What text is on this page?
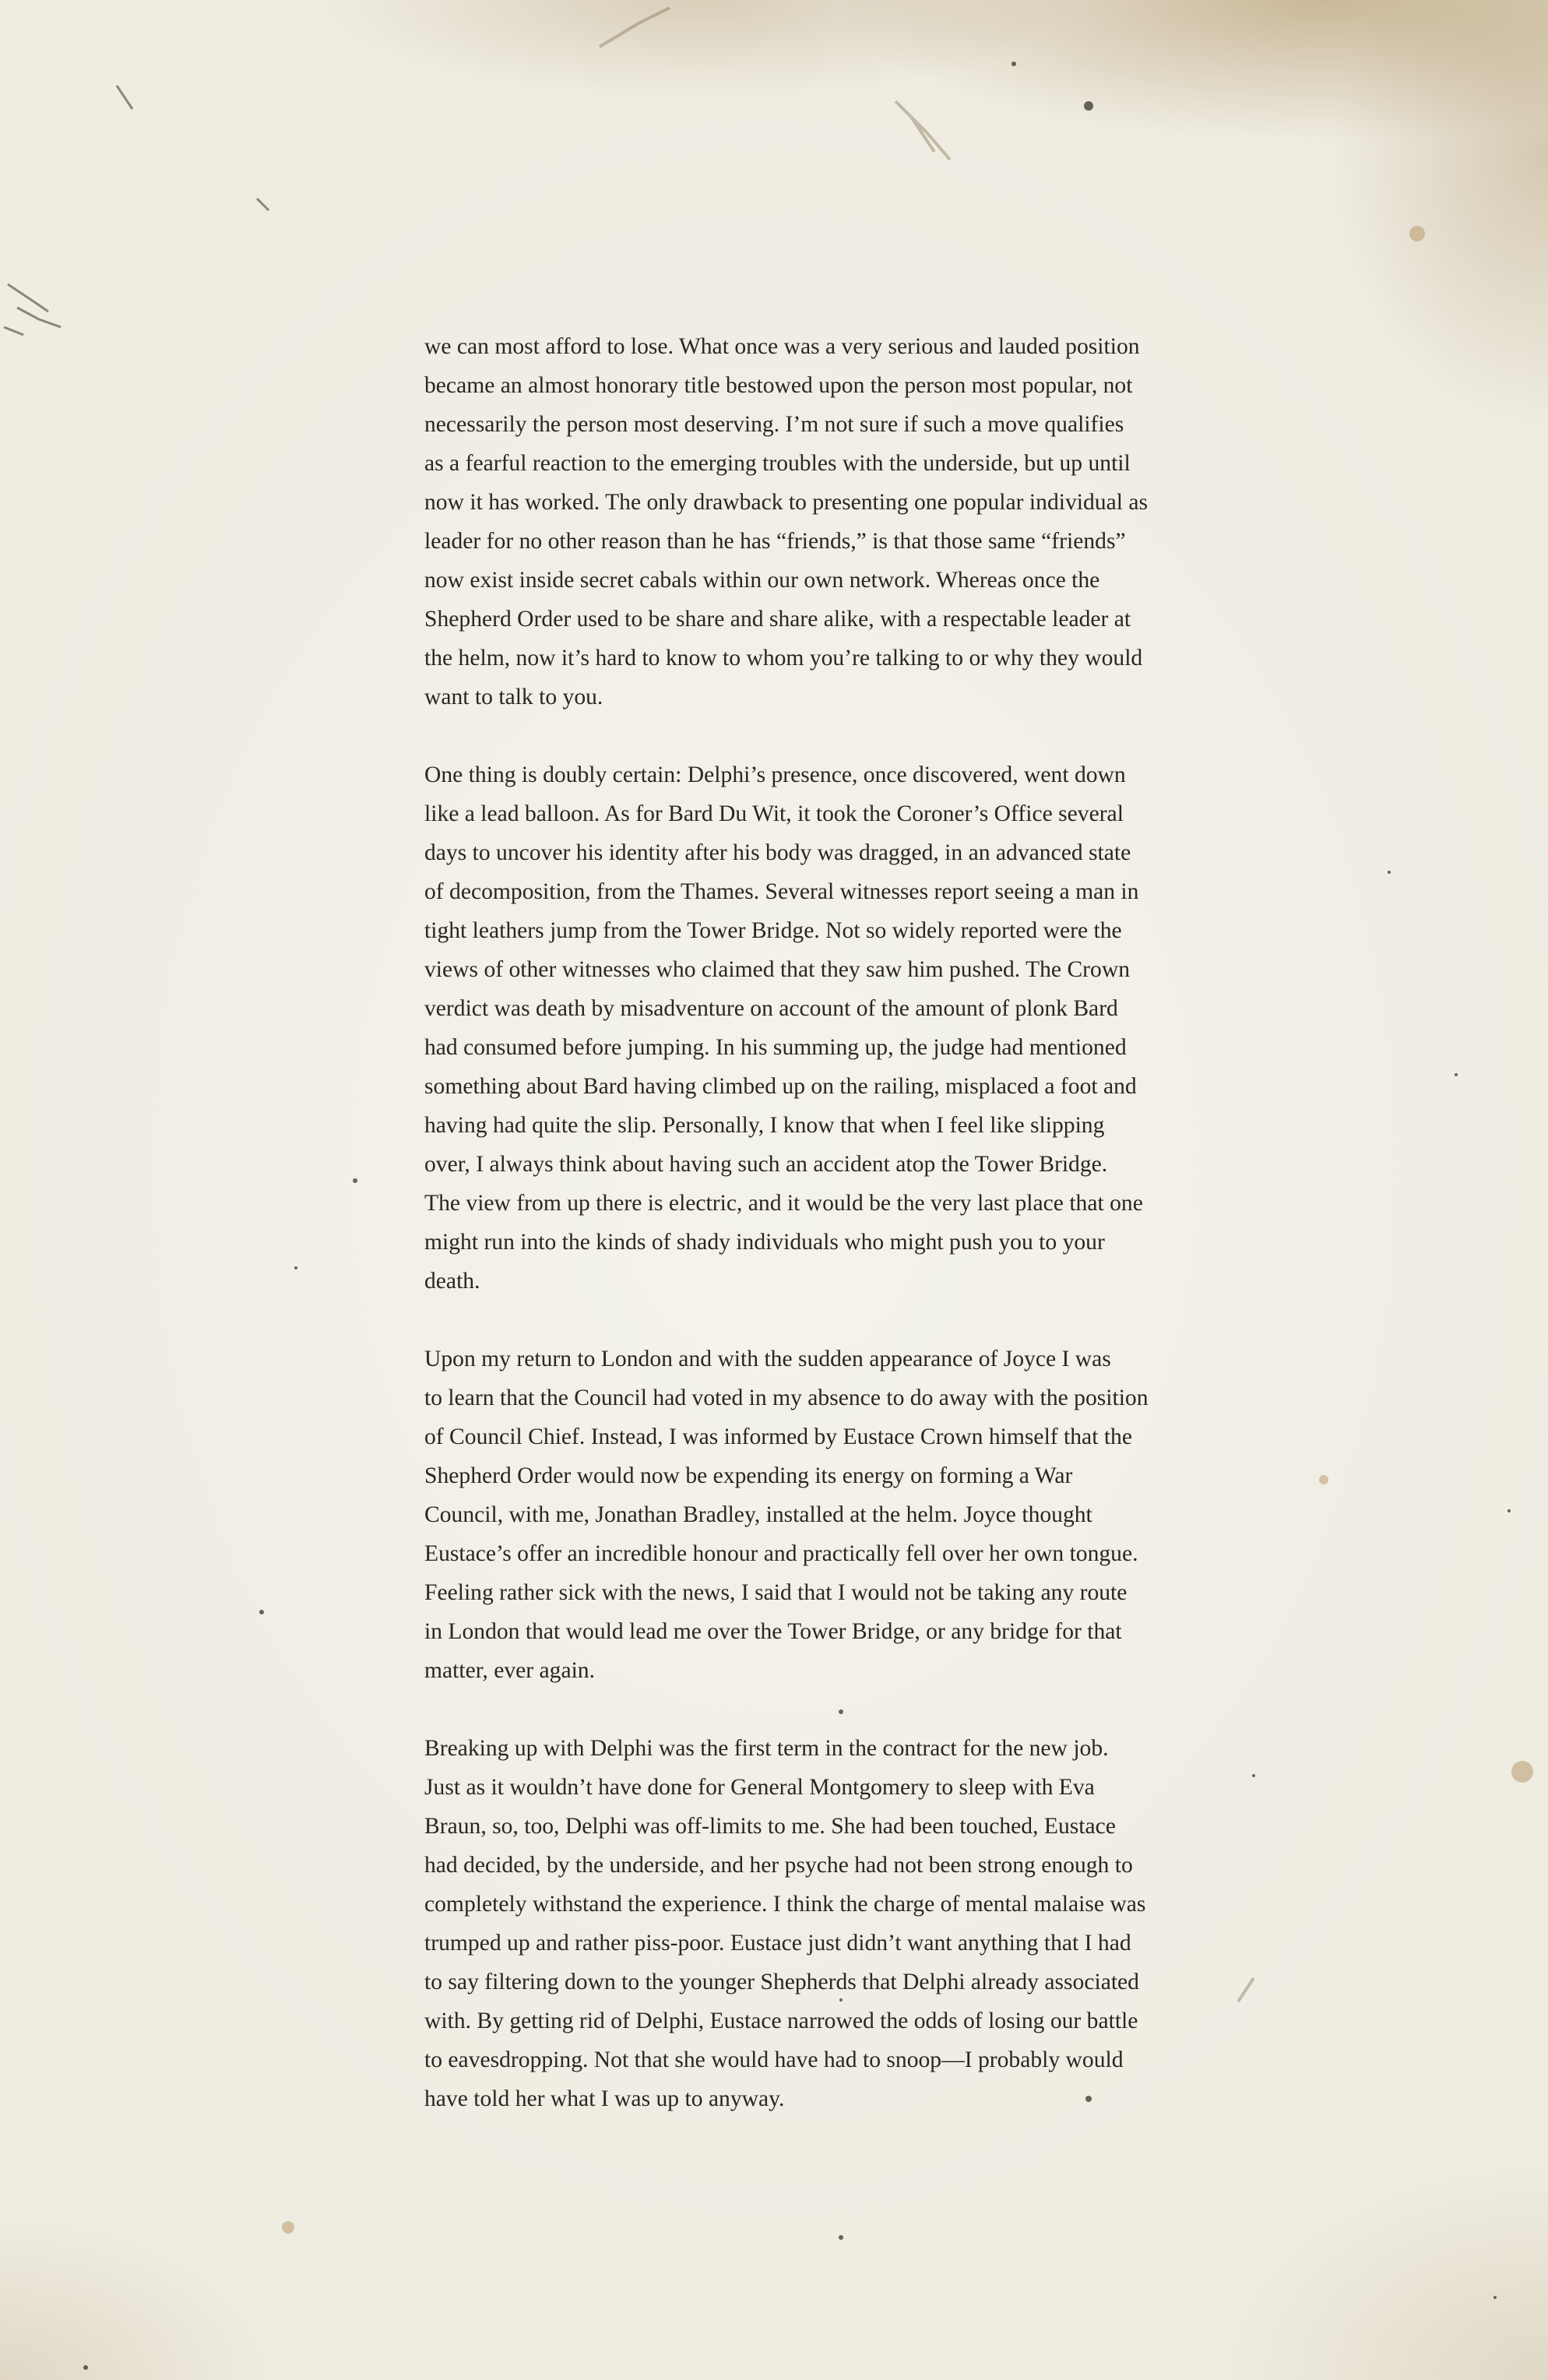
we can most afford to lose. What once was a very serious and lauded position
became an almost honorary title bestowed upon the person most popular, not
necessarily the person most deserving. I’m not sure if such a move qualifies
as a fearful reaction to the emerging troubles with the underside, but up until
now it has worked. The only drawback to presenting one popular individual as
leader for no other reason than he has “friends,” is that those same “friends”
now exist inside secret cabals within our own network. Whereas once the
Shepherd Order used to be share and share alike, with a respectable leader at
the helm, now it’s hard to know to whom you’re talking to or why they would
want to talk to you.

One thing is doubly certain: Delphi’s presence, once discovered, went down
like a lead balloon. As for Bard Du Wit, it took the Coroner’s Office several
days to uncover his identity after his body was dragged, in an advanced state
of decomposition, from the Thames. Several witnesses report seeing a man in
tight leathers jump from the Tower Bridge. Not so widely reported were the
views of other witnesses who claimed that they saw him pushed. The Crown
verdict was death by misadventure on account of the amount of plonk Bard
had consumed before jumping. In his summing up, the judge had mentioned
something about Bard having climbed up on the railing, misplaced a foot and
having had quite the slip. Personally, I know that when I feel like slipping
over, I always think about having such an accident atop the Tower Bridge.
The view from up there is electric, and it would be the very last place that one
might run into the kinds of shady individuals who might push you to your
death.

Upon my return to London and with the sudden appearance of Joyce I was
to learn that the Council had voted in my absence to do away with the position
of Council Chief. Instead, I was informed by Eustace Crown himself that the
Shepherd Order would now be expending its energy on forming a War
Council, with me, Jonathan Bradley, installed at the helm. Joyce thought
Eustace’s offer an incredible honour and practically fell over her own tongue.
Feeling rather sick with the news, I said that I would not be taking any route
in London that would lead me over the Tower Bridge, or any bridge for that
matter, ever again.

Breaking up with Delphi was the first term in the contract for the new job.
Just as it wouldn’t have done for General Montgomery to sleep with Eva
Braun, so, too, Delphi was off-limits to me. She had been touched, Eustace
had decided, by the underside, and her psyche had not been strong enough to
completely withstand the experience. I think the charge of mental malaise was
trumped up and rather piss-poor. Eustace just didn’t want anything that I had
to say filtering down to the younger Shepherds that Delphi already associated
with. By getting rid of Delphi, Eustace narrowed the odds of losing our battle
to eavesdropping. Not that she would have had to snoop—I probably would
have told her what I was up to anyway.
